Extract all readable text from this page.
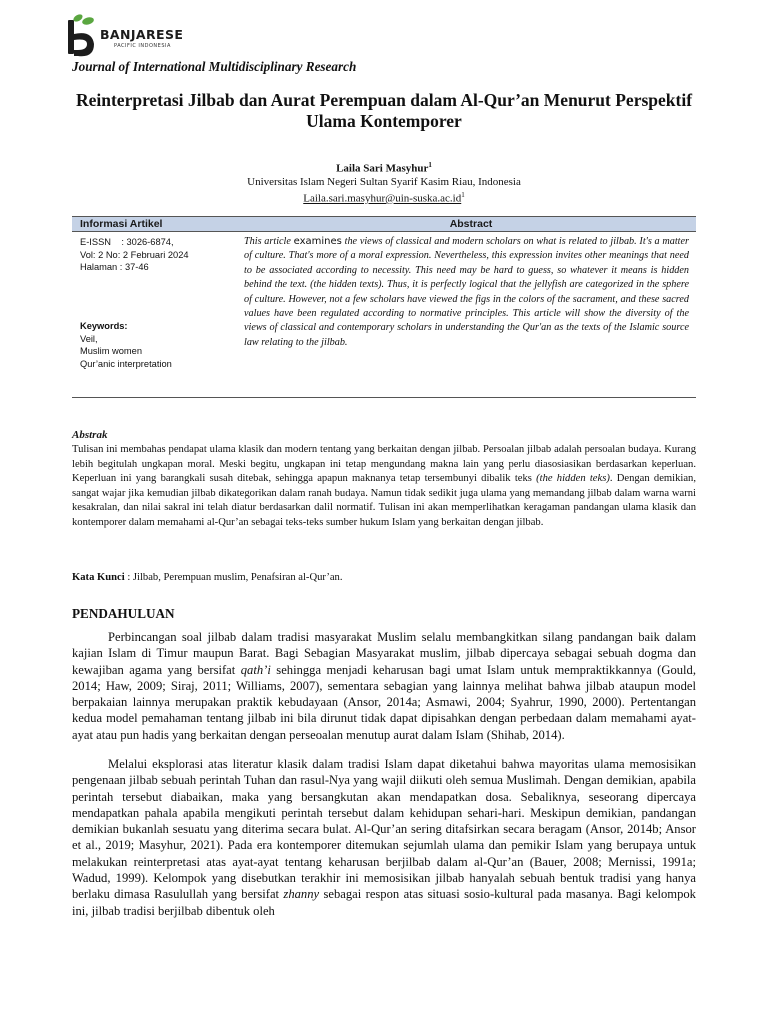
BANJARESE
PACIFIC INDONESIA
Journal of International Multidisciplinary Research
Reinterpretasi Jilbab dan Aurat Perempuan dalam Al-Qur’an Menurut Perspektif Ulama Kontemporer
Laila Sari Masyhur$^1$
Universitas Islam Negeri Sultan Syarif Kasim Riau, Indonesia
$Laila.sari.masyhur@uin-suska.ac.id^1$
Informasi Artikel	Abstract
E-ISSN    : 3026-6874,
Vol: 2 No: 2 Februari 2024
Halaman : 37-46
Keywords:
Veil,
Muslim women
Qur’anic interpretation
This article examines the views of classical and modern scholars on what is related to jilbab. It's a matter of culture. That's more of a moral expression. Nevertheless, this expression invites other meanings that need to be associated according to necessity. This need may be hard to guess, so whatever it means is hidden behind the text. (the hidden texts). Thus, it is perfectly logical that the jellyfish are categorized in the sphere of culture. However, not a few scholars have viewed the figs in the colors of the sacrament, and these sacred values have been regulated according to normative principles. This article will show the diversity of the views of classical and contemporary scholars in understanding the Qur'an as the texts of the Islamic source law relating to the jilbab.
Abstrak
Tulisan ini membahas pendapat ulama klasik dan modern tentang yang berkaitan dengan jilbab. Persoalan jilbab adalah persoalan budaya. Kurang lebih begitulah ungkapan moral. Meski begitu, ungkapan ini tetap mengundang makna lain yang perlu diasosiasikan berdasarkan keperluan. Keperluan ini yang barangkali susah ditebak, sehingga apapun maknanya tetap tersembunyi dibalik teks (the hidden teks). Dengan demikian, sangat wajar jika kemudian jilbab dikategorikan dalam ranah budaya. Namun tidak sedikit juga ulama yang memandang jilbab dalam warna warni kesakralan, dan nilai sakral ini telah diatur berdasarkan dalil normatif. Tulisan ini akan memperlihatkan keragaman pandangan ulama klasik dan kontemporer dalam memahami al-Qur’an sebagai teks-teks sumber hukum Islam yang berkaitan dengan jilbab.
Kata Kunci : Jilbab, Perempuan muslim, Penafsiran al-Qur’an.
PENDAHULUAN
Perbincangan soal jilbab dalam tradisi masyarakat Muslim selalu membangkitkan silang pandangan baik dalam kajian Islam di Timur maupun Barat. Bagi Sebagian Masyarakat muslim, jilbab dipercaya sebagai sebuah dogma dan kewajiban agama yang bersifat qath’i sehingga menjadi keharusan bagi umat Islam untuk mempraktikkannya (Gould, 2014; Haw, 2009; Siraj, 2011; Williams, 2007), sementara sebagian yang lainnya melihat bahwa jilbab ataupun model berpakaian lainnya merupakan praktik kebudayaan (Ansor, 2014a; Asmawi, 2004; Syahrur, 1990, 2000). Pertentangan kedua model pemahaman tentang jilbab ini bila dirunut tidak dapat dipisahkan dengan perbedaan dalam memahami ayat-ayat atau pun hadis yang berkaitan dengan perseoalan menutup aurat dalam Islam (Shihab, 2014).
Melalui eksplorasi atas literatur klasik dalam tradisi Islam dapat diketahui bahwa mayoritas ulama memosisikan pengenaan jilbab sebuah perintah Tuhan dan rasul-Nya yang wajil diikuti oleh semua Muslimah. Dengan demikian, apabila perintah tersebut diabaikan, maka yang bersangkutan akan mendapatkan dosa. Sebaliknya, seseorang dipercaya mendapatkan pahala apabila mengikuti perintah tersebut dalam kehidupan sehari-hari. Meskipun demikian, pandangan demikian bukanlah sesuatu yang diterima secara bulat. Al-Qur’an sering ditafsirkan secara beragam (Ansor, 2014b; Ansor et al., 2019; Masyhur, 2021). Pada era kontemporer ditemukan sejumlah ulama dan pemikir Islam yang berupaya untuk melakukan reinterpretasi atas ayat-ayat tentang keharusan berjilbab dalam al-Qur’an (Bauer, 2008; Mernissi, 1991a; Wadud, 1999). Kelompok yang disebutkan terakhir ini memosisikan jilbab hanyalah sebuah bentuk tradisi yang hanya berlaku dimasa Rasulullah yang bersifat zhanny sebagai respon atas situasi sosio-kultural pada masanya. Bagi kelompok ini, jilbab tradisi berjilbab dibentuk oleh
